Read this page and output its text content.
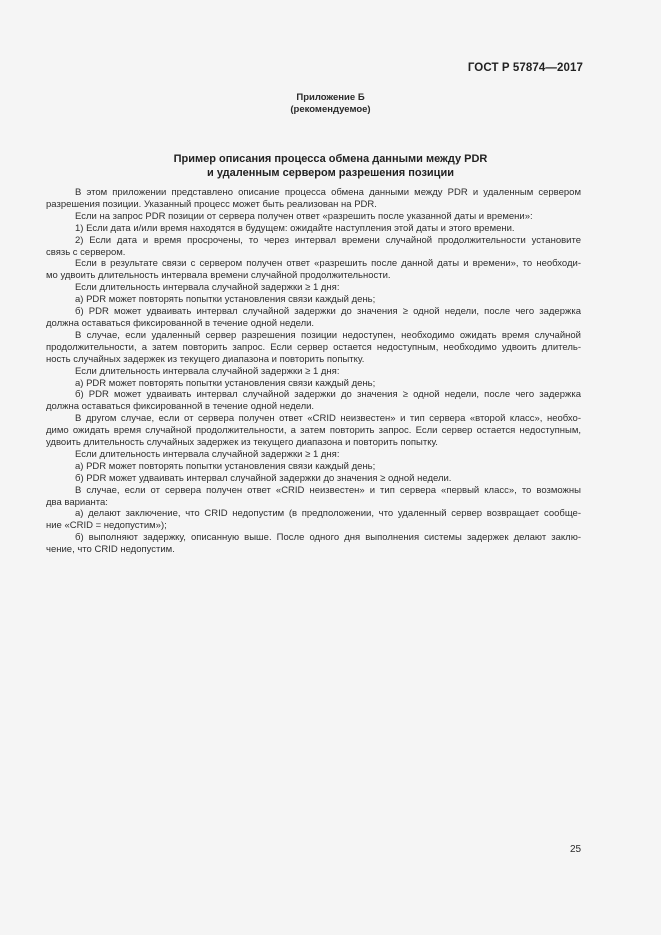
ГОСТ Р 57874—2017
Приложение Б
(рекомендуемое)
Пример описания процесса обмена данными между PDR
и удаленным сервером разрешения позиции
В этом приложении представлено описание процесса обмена данными между PDR и удаленным сервером
разрешения позиции. Указанный процесс может быть реализован на PDR.
Если на запрос PDR позиции от сервера получен ответ «разрешить после указанной даты и времени»:
1) Если дата и/или время находятся в будущем: ожидайте наступления этой даты и этого времени.
2) Если дата и время просрочены, то через интервал времени случайной продолжительности установите
связь с сервером.
Если в результате связи с сервером получен ответ «разрешить после данной даты и времени», то необходи-
мо удвоить длительность интервала времени случайной продолжительности.
Если длительность интервала случайной задержки ≥ 1 дня:
а) PDR может повторять попытки установления связи каждый день;
б) PDR может удваивать интервал случайной задержки до значения ≥ одной недели, после чего задержка
должна оставаться фиксированной в течение одной недели.
В случае, если удаленный сервер разрешения позиции недоступен, необходимо ожидать время случайной
продолжительности, а затем повторить запрос. Если сервер остается недоступным, необходимо удвоить длитель-
ность случайных задержек из текущего диапазона и повторить попытку.
Если длительность интервала случайной задержки ≥ 1 дня:
а) PDR может повторять попытки установления связи каждый день;
б) PDR может удваивать интервал случайной задержки до значения ≥ одной недели, после чего задержка
должна оставаться фиксированной в течение одной недели.
В другом случае, если от сервера получен ответ «CRID неизвестен» и тип сервера «второй класс», необхо-
димо ожидать время случайной продолжительности, а затем повторить запрос. Если сервер остается недоступным,
удвоить длительность случайных задержек из текущего диапазона и повторить попытку.
Если длительность интервала случайной задержки ≥ 1 дня:
а) PDR может повторять попытки установления связи каждый день;
б) PDR может удваивать интервал случайной задержки до значения ≥ одной недели.
В случае, если от сервера получен ответ «CRID неизвестен» и тип сервера «первый класс», то возможны
два варианта:
а) делают заключение, что CRID недопустим (в предположении, что удаленный сервер возвращает сообще-
ние «CRID = недопустим»);
б) выполняют задержку, описанную выше. После одного дня выполнения системы задержек делают заклю-
чение, что CRID недопустим.
25
